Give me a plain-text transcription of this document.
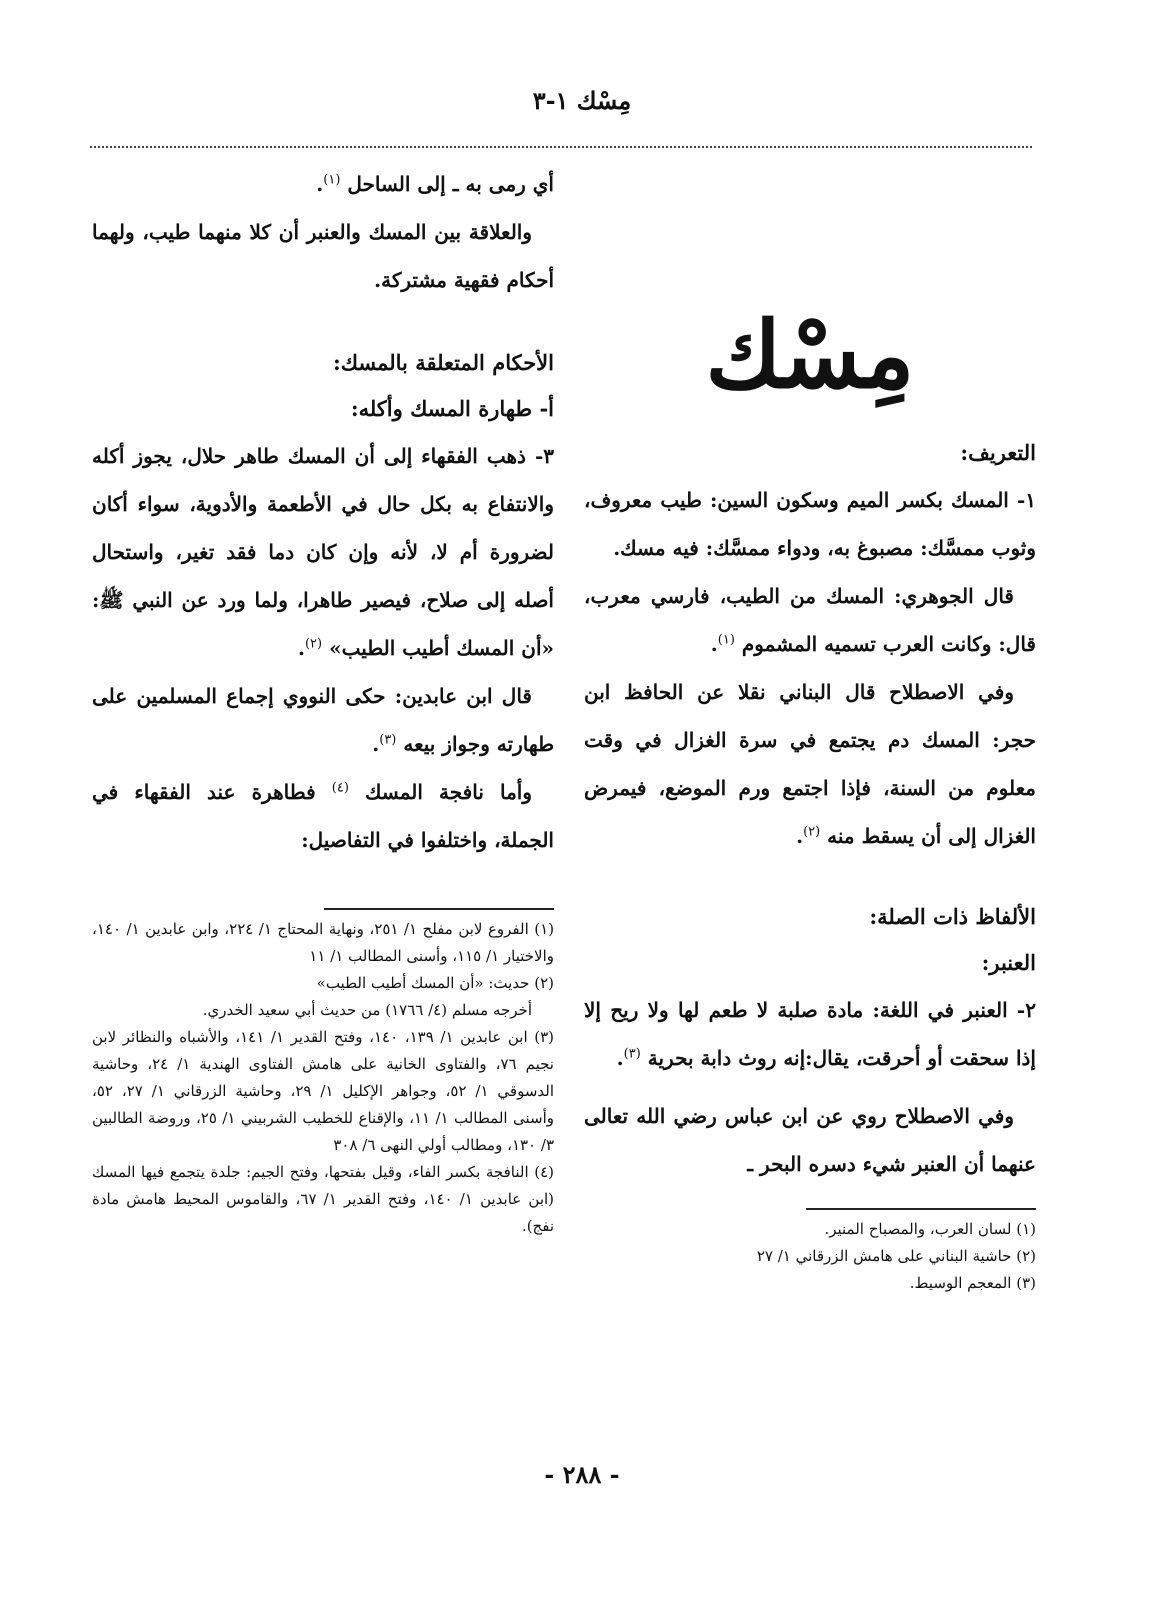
مِسْك ١-٣
مِسْك
التعريف:

١- المسك بكسر الميم وسكون السين: طيب معروف، وثوب ممسَّك: مصبوغ به، ودواء ممسَّك: فيه مسك.

قال الجوهري: المسك من الطيب، فارسي معرب، قال: وكانت العرب تسميه المشموم $^{(١)}$.

وفي الاصطلاح قال البناني نقلا عن الحافظ ابن حجر: المسك دم يجتمع في سرة الغزال في وقت معلوم من السنة، فإذا اجتمع ورم الموضع، فيمرض الغزال إلى أن يسقط منه $^{(٢)}$.

الألفاظ ذات الصلة:
العنبر:

٢- العنبر في اللغة: مادة صلبة لا طعم لها ولا ريح إلا إذا سحقت أو أحرقت، يقال:إنه روث دابة بحرية $^{(٣)}$.

وفي الاصطلاح روي عن ابن عباس رضي الله تعالى عنهما أن العنبر شيء دسره البحر ـ

(١) لسان العرب، والمصباح المنير.
(٢) حاشية البناني على هامش الزرقاني ١/ ٢٧
(٣) المعجم الوسيط.

أي رمى به ـ إلى الساحل $^{(١)}$.

والعلاقة بين المسك والعنبر أن كلا منهما طيب، ولهما أحكام فقهية مشتركة.

الأحكام المتعلقة بالمسك:
أ- طهارة المسك وأكله:

٣- ذهب الفقهاء إلى أن المسك طاهر حلال، يجوز أكله والانتفاع به بكل حال في الأطعمة والأدوية، سواء أكان لضرورة أم لا، لأنه وإن كان دما فقد تغير، واستحال أصله إلى صلاح، فيصير طاهرا، ولما ورد عن النبي ﷺ: «أن المسك أطيب الطيب» $^{(٢)}$.

قال ابن عابدين: حكى النووي إجماع المسلمين على طهارته وجواز بيعه $^{(٣)}$.

وأما نافجة المسك $^{(٤)}$ فطاهرة عند الفقهاء في الجملة، واختلفوا في التفاصيل:

(١) الفروع لابن مفلح ١/ ٢٥١، ونهاية المحتاج ١/ ٢٢٤، وابن عابدين ١/ ١٤٠، والاختيار ١/ ١١٥، وأسنى المطالب ١/ ١١
(٢) حديث: «أن المسك أطيب الطيب»
أخرجه مسلم (٤/ ١٧٦٦) من حديث أبي سعيد الخدري.
(٣) ابن عابدين ١/ ١٣٩، ١٤٠، وفتح القدير ١/ ١٤١، والأشباه والنظائر لابن نجيم ٧٦، والفتاوى الخانية على هامش الفتاوى الهندية ١/ ٢٤، وحاشية الدسوقي ١/ ٥٢، وجواهر الإكليل ١/ ٢٩، وحاشية الزرقاني ١/ ٢٧، ٥٢، وأسنى المطالب ١/ ١١، والإقناع للخطيب الشربيني ١/ ٢٥، وروضة الطالبين ٣/ ١٣٠، ومطالب أولي النهى ٦/ ٣٠٨
(٤) النافجة بكسر الفاء، وقيل بفتحها، وفتح الجيم: جلدة يتجمع فيها المسك (ابن عابدين ١/ ١٤٠، وفتح القدير ١/ ٦٧، والقاموس المحيط هامش مادة نفج).
- ٢٨٨ -
